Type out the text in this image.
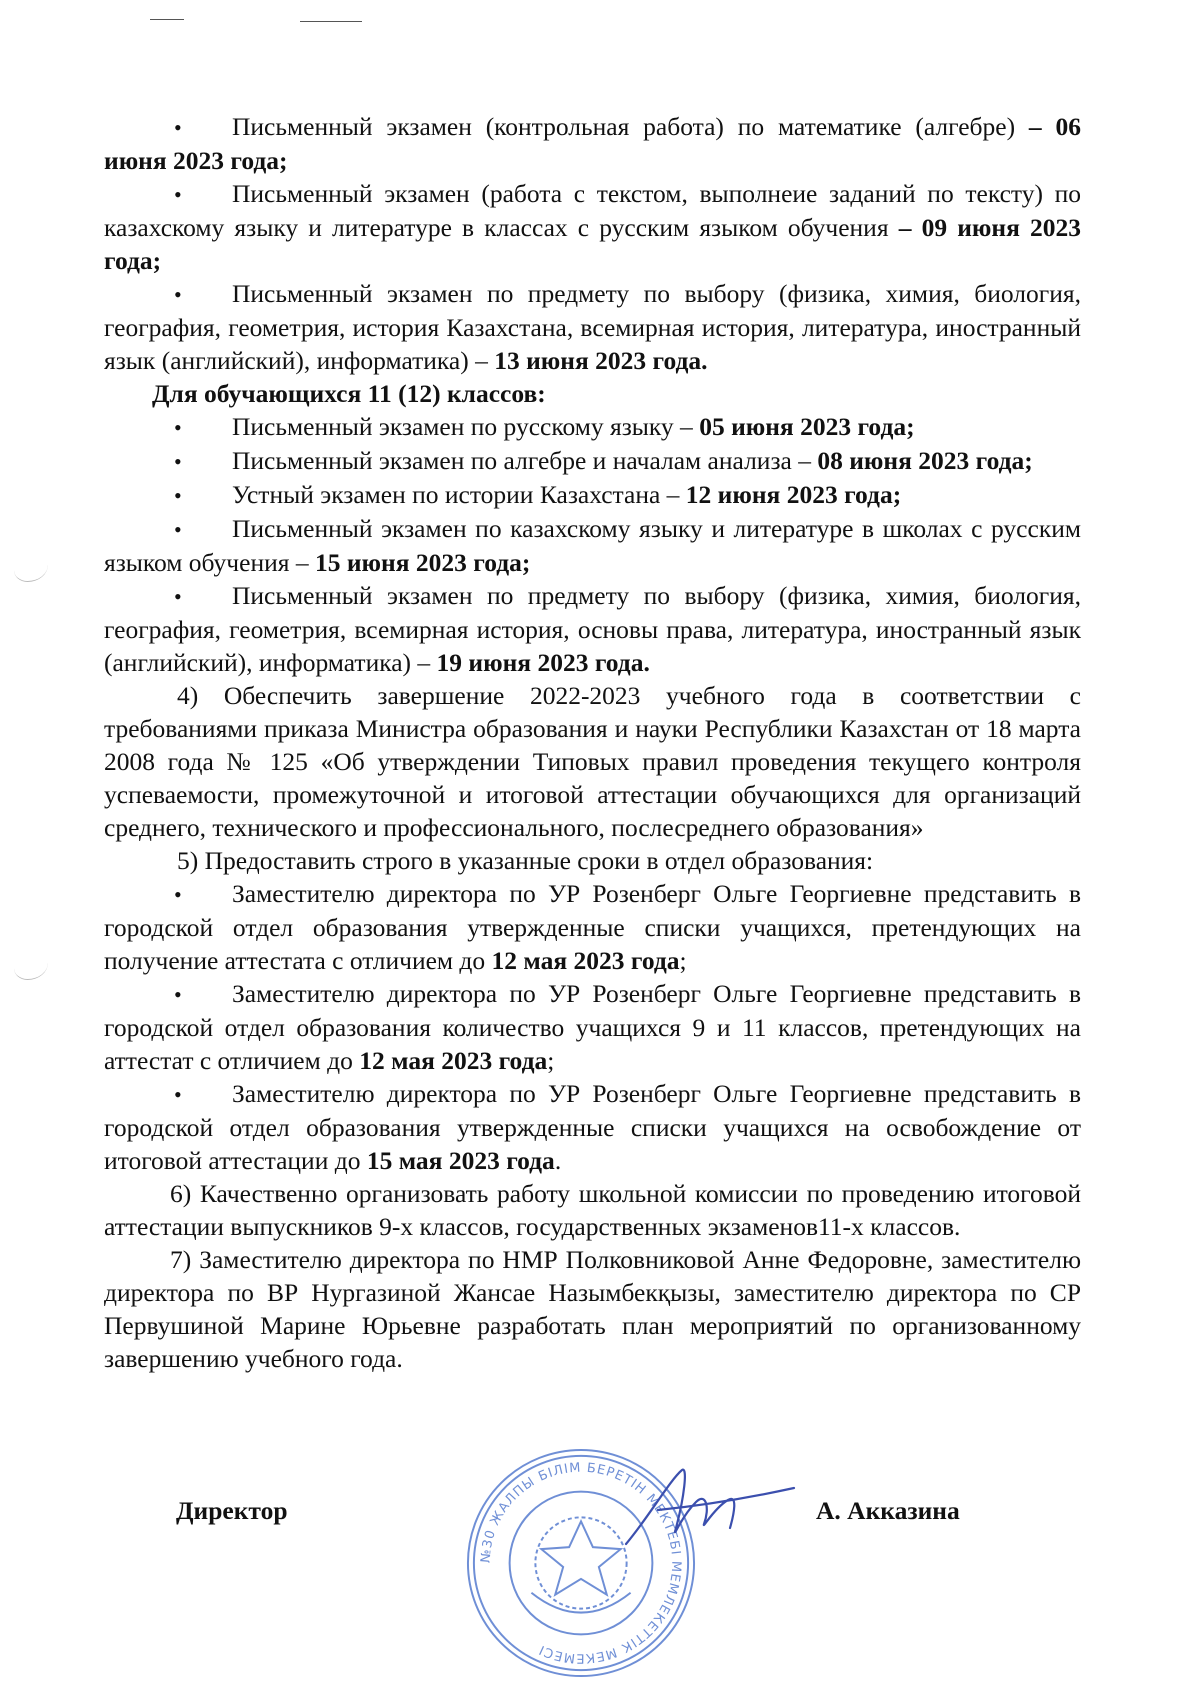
• Письменный экзамен (контрольная работа) по математике (алгебре) – 06 июня 2023 года;

• Письменный экзамен (работа с текстом, выполнеие заданий по тексту) по казахскому языку и литературе в классах с русским языком обучения – 09 июня 2023 года;

• Письменный экзамен по предмету по выбору (физика, химия, биология, география, геометрия, история Казахстана, всемирная история, литература, иностранный язык (английский), информатика) – 13 июня 2023 года.

Для обучающихся 11 (12) классов:

• Письменный экзамен по русскому языку – 05 июня 2023 года;

• Письменный экзамен по алгебре и началам анализа – 08 июня 2023 года;

• Устный экзамен по истории Казахстана – 12 июня 2023 года;

• Письменный экзамен по казахскому языку и литературе в школах с русским языком обучения – 15 июня 2023 года;

• Письменный экзамен по предмету по выбору (физика, химия, биология, география, геометрия, всемирная история, основы права, литература, иностранный язык (английский), информатика) – 19 июня 2023 года.

4) Обеспечить завершение 2022-2023 учебного года в соответствии с требованиями приказа Министра образования и науки Республики Казахстан от 18 марта 2008 года № 125 «Об утверждении Типовых правил проведения текущего контроля успеваемости, промежуточной и итоговой аттестации обучающихся для организаций среднего, технического и профессионального, послесреднего образования»

5) Предоставить строго в указанные сроки в отдел образования:

• Заместителю директора по УР Розенберг Ольге Георгиевне представить в городской отдел образования утвержденные списки учащихся, претендующих на получение аттестата с отличием до 12 мая 2023 года;

• Заместителю директора по УР Розенберг Ольге Георгиевне представить в городской отдел образования количество учащихся 9 и 11 классов, претендующих на аттестат с отличием до 12 мая 2023 года;

• Заместителю директора по УР Розенберг Ольге Георгиевне представить в городской отдел образования утвержденные списки учащихся на освобождение от итоговой аттестации до 15 мая 2023 года.

6) Качественно организовать работу школьной комиссии по проведению итоговой аттестации выпускников 9-х классов, государственных экзаменов11-х классов.

7) Заместителю директора по НМР Полковниковой Анне Федоровне, заместителю директора по ВР Нургазиной Жансае Назымбекқызы, заместителю директора по СР Первушиной Марине Юрьевне разработать план мероприятий по организованному завершению учебного года.

Директор	А. Акказина
№30 ЖАЛПЫ БІЛІМ БЕРЕТІН МЕКТЕБІ МЕМЛЕКЕТТІК МЕКЕМЕСІ
